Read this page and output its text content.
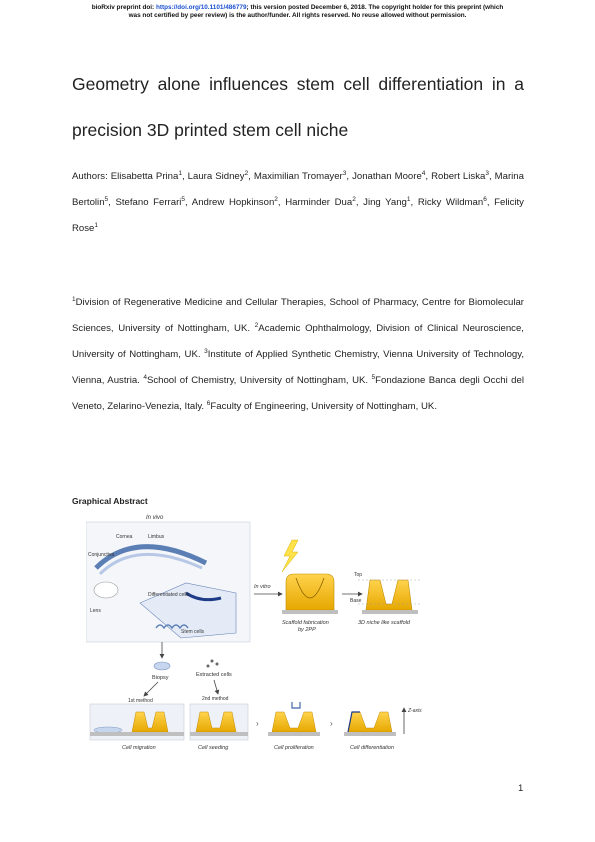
bioRxiv preprint doi: https://doi.org/10.1101/486779; this version posted December 6, 2018. The copyright holder for this preprint (which
was not certified by peer review) is the author/funder. All rights reserved. No reuse allowed without permission.
Geometry alone influences stem cell differentiation in a
precision 3D printed stem cell niche
Authors: Elisabetta Prina$^1$, Laura Sidney$^2$, Maximilian Tromayer$^3$, Jonathan Moore$^4$, Robert Liska$^3$, Marina Bertolin$^5$, Stefano Ferrari$^5$, Andrew Hopkinson$^2$, Harminder Dua$^2$, Jing Yang$^1$, Ricky Wildman$^6$, Felicity Rose$^1$
$^1$Division of Regenerative Medicine and Cellular Therapies, School of Pharmacy, Centre for Biomolecular Sciences, University of Nottingham, UK. $^2$Academic Ophthalmology, Division of Clinical Neuroscience, University of Nottingham, UK. $^3$Institute of Applied Synthetic Chemistry, Vienna University of Technology, Vienna, Austria. $^4$School of Chemistry, University of Nottingham, UK. $^5$Fondazione Banca degli Occhi del Veneto, Zelarino-Venezia, Italy. $^6$Faculty of Engineering, University of Nottingham, UK.
Graphical Abstract
In vivo
Cornea	Limbus
Conjunctiva
Lens
Differentiated cells
Stem cells
Biopsy	Extracted cells
1st method	2nd method
In vitro
Scaffold fabrication
by 2PP
Top
Base
3D niche like scaffold
Cell migration	Cell seeding
›
Cell proliferation
›
Cell differentiation
Z-axis
1
